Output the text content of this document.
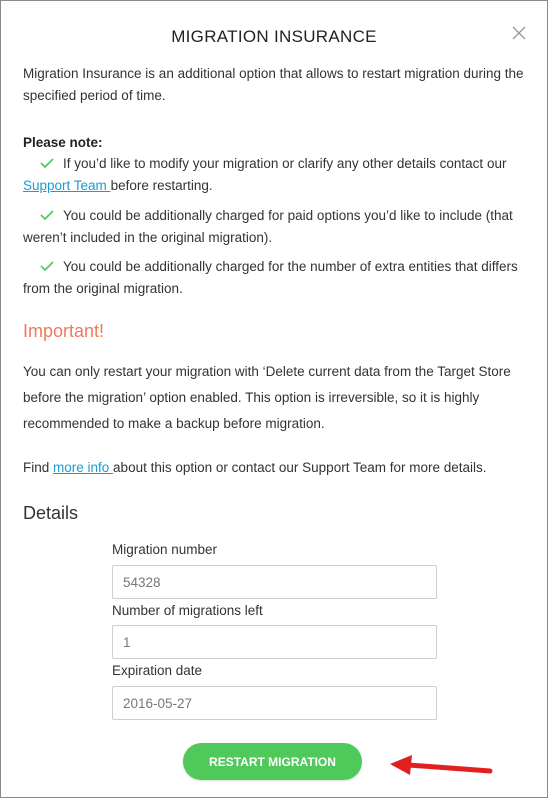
MIGRATION INSURANCE
Migration Insurance is an additional option that allows to restart migration during the specified period of time.
Please note:
If you’d like to modify your migration or clarify any other details contact our Support Team before restarting.
You could be additionally charged for paid options you’d like to include (that weren’t included in the original migration).
You could be additionally charged for the number of extra entities that differs from the original migration.
Important!
You can only restart your migration with ‘Delete current data from the Target Store before the migration’ option enabled. This option is irreversible, so it is highly recommended to make a backup before migration.
Find more info about this option or contact our Support Team for more details.
Details
Migration number
54328
Number of migrations left
1
Expiration date
2016-05-27
RESTART MIGRATION
